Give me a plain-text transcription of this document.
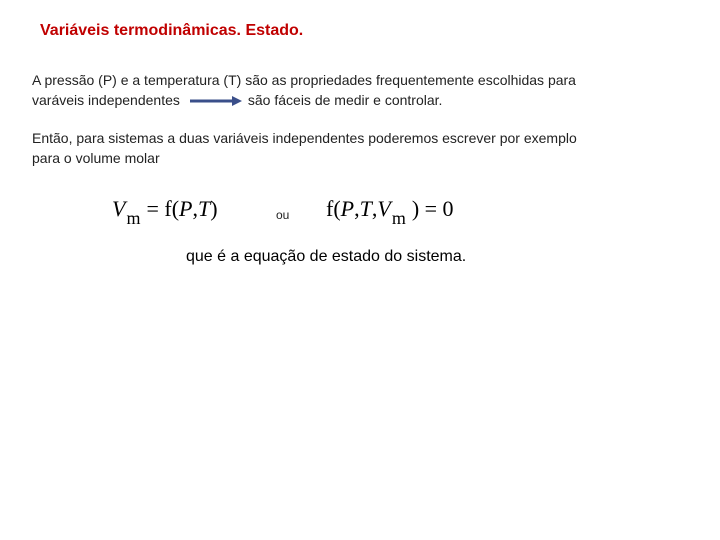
Variáveis termodinâmicas. Estado.
A pressão (P) e a temperatura (T) são as propriedades frequentemente escolhidas para
varáveis independentes	são fáceis de medir e controlar.
Então, para sistemas a duas variáveis independentes poderemos escrever por exemplo
para o volume molar
$V_m = f(P,T)$	ou $f(P,T,V_m$ ) = 0
que é a equação de estado do sistema.
